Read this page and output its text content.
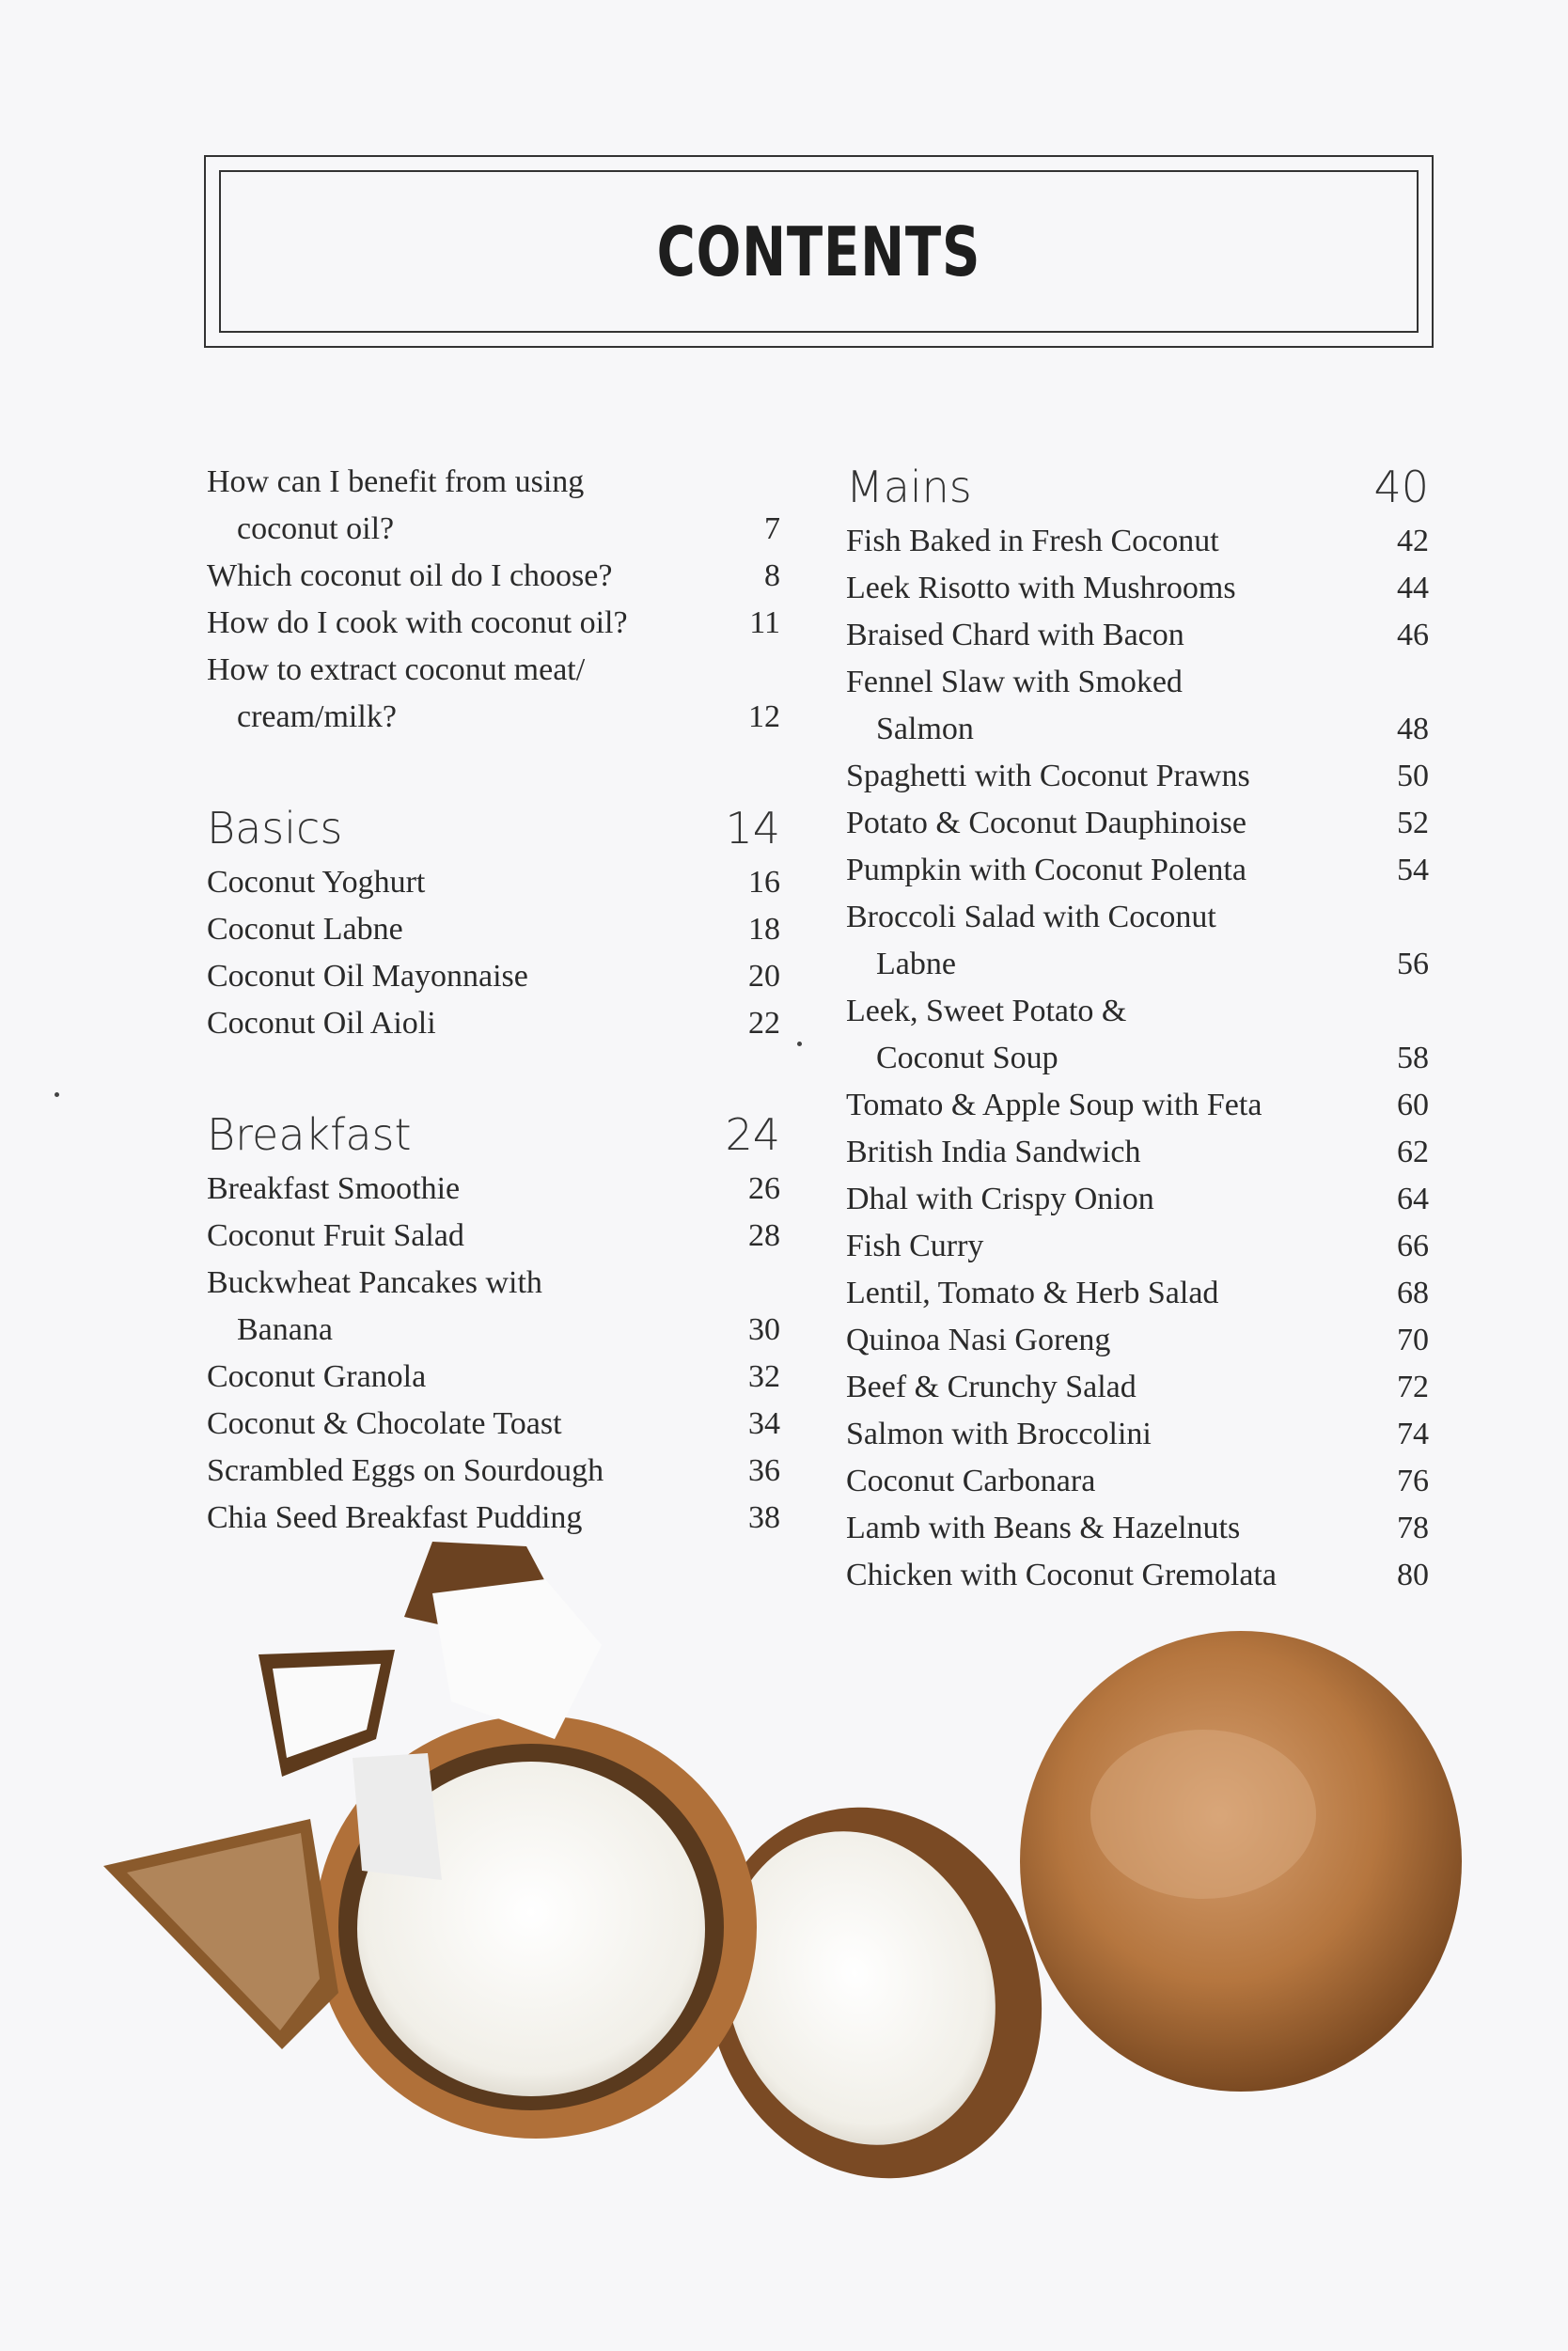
CONTENTS
How can I benefit from using
coconut oil?	7
Which coconut oil do I choose?	8
How do I cook with coconut oil?	11
How to extract coconut meat/
cream/milk?	12
Basics	14
Coconut Yoghurt	16
Coconut Labne	18
Coconut Oil Mayonnaise	20
Coconut Oil Aioli	22
Breakfast	24
Breakfast Smoothie	26
Coconut Fruit Salad	28
Buckwheat Pancakes with
Banana	30
Coconut Granola	32
Coconut & Chocolate Toast	34
Scrambled Eggs on Sourdough	36
Chia Seed Breakfast Pudding	38
Mains	40
Fish Baked in Fresh Coconut	42
Leek Risotto with Mushrooms	44
Braised Chard with Bacon	46
Fennel Slaw with Smoked
Salmon	48
Spaghetti with Coconut Prawns	50
Potato & Coconut Dauphinoise	52
Pumpkin with Coconut Polenta	54
Broccoli Salad with Coconut
Labne	56
Leek, Sweet Potato &
Coconut Soup	58
Tomato & Apple Soup with Feta	60
British India Sandwich	62
Dhal with Crispy Onion	64
Fish Curry	66
Lentil, Tomato & Herb Salad	68
Quinoa Nasi Goreng	70
Beef & Crunchy Salad	72
Salmon with Broccolini	74
Coconut Carbonara	76
Lamb with Beans & Hazelnuts	78
Chicken with Coconut Gremolata	80
